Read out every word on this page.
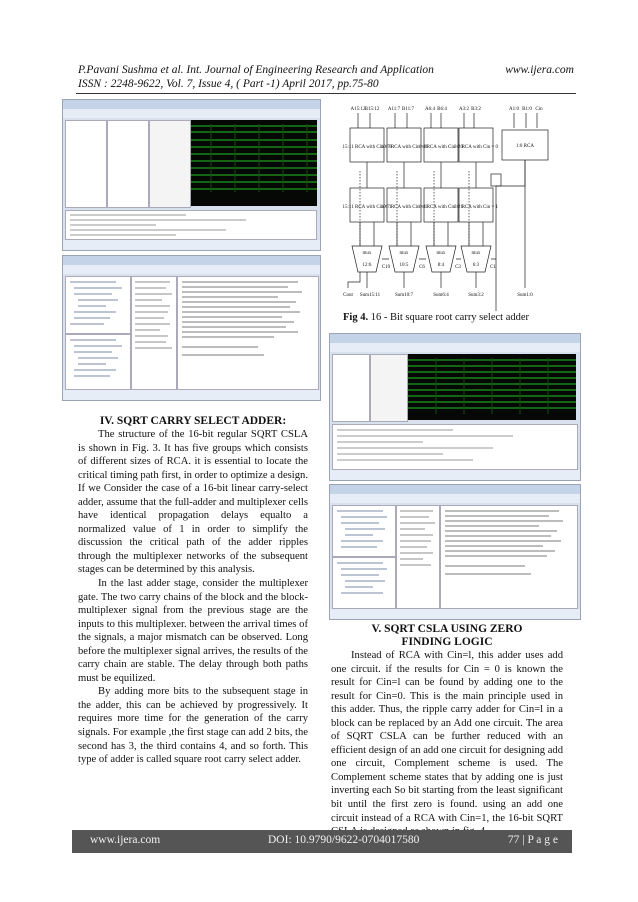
P.Pavani Sushma et al. Int. Journal of Engineering Research and Application	www.ijera.com
ISSN : 2248-9622, Vol. 7, Issue 4, ( Part -1) April 2017, pp.75-80

IV. SQRT CARRY SELECT ADDER:

The structure of the 16-bit regular SQRT CSLA is shown in Fig. 3. It has five groups which consists of different sizes of RCA. it is essential to locate the critical timing path first, in order to optimize a design. If we Consider the case of a 16-bit linear carry-select adder, assume that the full-adder and multiplexer cells have identical propagation delays equalto a normalized value of 1 in order to simplify the discussion the critical path of the adder ripples through the multiplexer networks of the subsequent stages can be determined by this analysis.

In the last adder stage, consider the multiplexer gate. The two carry chains of the block and the block-multiplexer signal from the previous stage are the inputs to this multiplexer. between the arrival times of the signals, a major mismatch can be observed. Long before the multiplexer signal arrives, the results of the carry chain are stable. The delay through both paths must be equilized.

By adding more bits to the subsequent stage in the adder, this can be achieved by progressively. It requires more time for the generation of the carry signals. For example ,the first stage can add 2 bits, the second has 3, the third contains 4, and so forth. This type of adder is called square root carry select adder.

A15:12 B15:12 A11:7 B11:7 A6:4 B6:4 A3:2 B3:2	A1:0 B1:0 Cin
15:11 RCA with Cin = 0
10:7 RCA with Cin = 0
6:4 RCA with Cin = 0
3:2 RCA with Cin = 0	1:0 RCA
15:11 RCA with Cin = 1
10:7 RCA with Cin = 1
6:4 RCA with Cin = 1
3:2 RCA with Cin = 1
mux	mux	mux	mux
12:6	10:5	8:4	6:3
C10	C6	C3	C1
Cout Sum15:11	Sum10:7	Sum6:4	Sum3:2	Sum1:0
Fig 4. 16 - Bit square root carry select adder

V. SQRT CSLA USING ZERO

FINDING LOGIC

Instead of RCA with Cin=l, this adder uses add one circuit. if the results for Cin = 0 is known the result for Cin=l can be found by adding one to the result for Cin=0. This is the main principle used in this adder. Thus, the ripple carry adder for Cin=l in a block can be replaced by an Add one circuit. The area of SQRT CSLA can be further reduced with an efficient design of an add one circuit for designing add one circuit, Complement scheme is used. The Complement scheme states that by adding one is just inverting each So bit starting from the least significant bit until the first zero is found. using an add one circuit instead of a RCA with Cin=1, the 16-bit SQRT

www.ijera.com	DOI: 10.9790/9622-0704017580	77 | P a g e
